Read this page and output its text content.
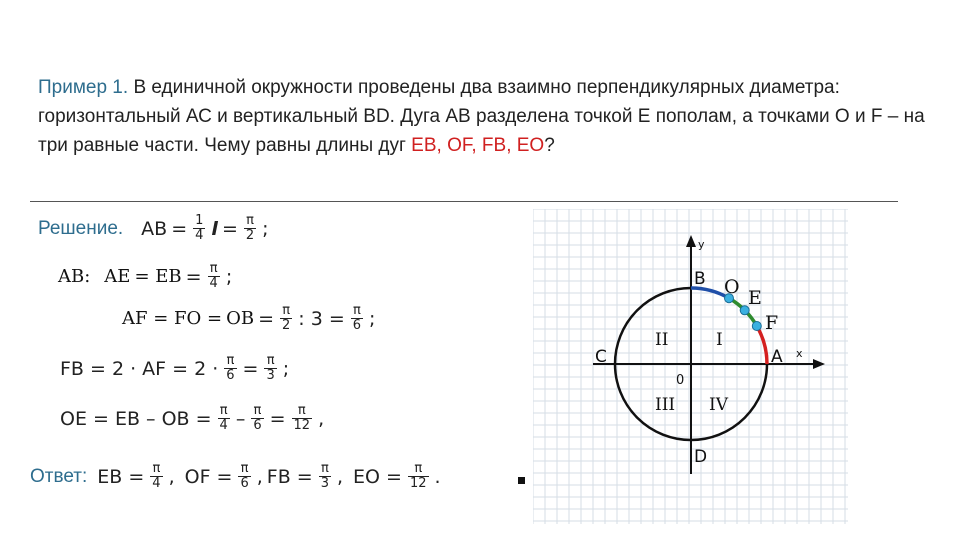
Пример 1. В единичной окружности проведены два взаимно перпендикулярных диаметра: горизонтальный АС и вертикальный BD. Дуга АВ разделена точкой Е пополам, а точками О и F – на три равные части. Чему равны длины дуг EB, OF, FB, EO?
Решение. AB = $\frac{1}{4}$ $l = \frac{\pi}{2}$ ;
AB: AE = EB = $\frac{\pi}{4}$ ;
AF = FO = OB = $\frac{\pi}{2}$ : $3 = \frac{\pi}{6}$ ;
FB = 2 · AF = $2 \cdot \frac{\pi}{6} = \frac{\pi}{3}$ ;
OE = EB – OB = $\frac{\pi}{4} - \frac{\pi}{6} = \frac{\pi}{12}$ ,
Ответ: EB = $\frac{\pi}{4}$ , OF = $\frac{\pi}{6}$ , FB = $\frac{\pi}{3}$ , EO = $\frac{\pi}{12}$ .
x
y
0
A
B
C
D
O E
F
I
II
III IV
